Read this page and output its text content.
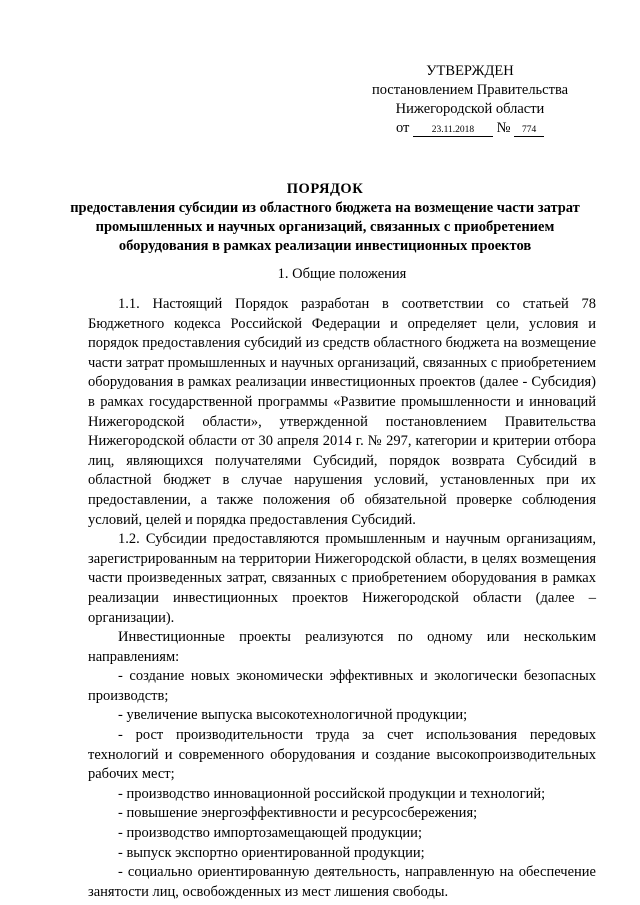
УТВЕРЖДЕН
постановлением Правительства
Нижегородской области
от 23.11.2018 № 774
ПОРЯДОК
предоставления субсидии из областного бюджета на возмещение части затрат промышленных и научных организаций, связанных с приобретением оборудования в рамках реализации инвестиционных проектов
1. Общие положения

1.1. Настоящий Порядок разработан в соответствии со статьей 78 Бюджетного кодекса Российской Федерации и определяет цели, условия и порядок предоставления субсидий из средств областного бюджета на возмещение части затрат промышленных и научных организаций, связанных с приобретением оборудования в рамках реализации инвестиционных проектов (далее - Субсидия) в рамках государственной программы «Развитие промышленности и инноваций Нижегородской области», утвержденной постановлением Правительства Нижегородской области от 30 апреля 2014 г. № 297, категории и критерии отбора лиц, являющихся получателями Субсидий, порядок возврата Субсидий в областной бюджет в случае нарушения условий, установленных при их предоставлении, а также положения об обязательной проверке соблюдения условий, целей и порядка предоставления Субсидий.

1.2. Субсидии предоставляются промышленным и научным организациям, зарегистрированным на территории Нижегородской области, в целях возмещения части произведенных затрат, связанных с приобретением оборудования в рамках реализации инвестиционных проектов Нижегородской области (далее – организации).

Инвестиционные проекты реализуются по одному или нескольким направлениям:

- создание новых экономически эффективных и экологически безопасных производств;

- увеличение выпуска высокотехнологичной продукции;

- рост производительности труда за счет использования передовых технологий и современного оборудования и создание высокопроизводительных рабочих мест;

- производство инновационной российской продукции и технологий;

- повышение энергоэффективности и ресурсосбережения;

- производство импортозамещающей продукции;

- выпуск экспортно ориентированной продукции;

- социально ориентированную деятельность, направленную на обеспечение занятости лиц, освобожденных из мест лишения свободы.
